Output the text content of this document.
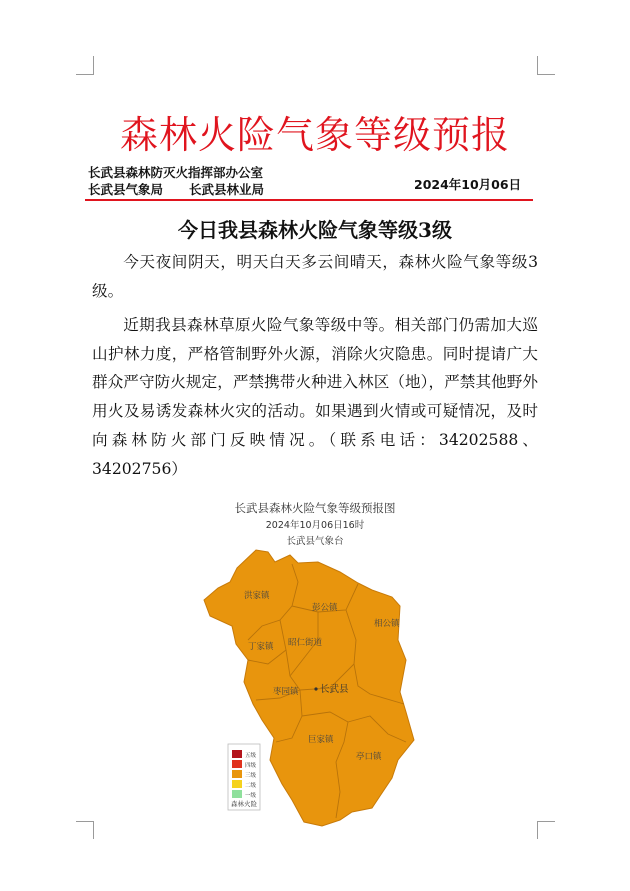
森林火险气象等级预报
长武县森林防灭火指挥部办公室
长武县气象局 长武县林业局	2024年10月06日
今日我县森林火险气象等级3级

今天夜间阴天，明天白天多云间晴天，森林火险气象等级3级。

近期我县森林草原火险气象等级中等。相关部门仍需加大巡山护林力度，严格管制野外火源，消除火灾隐患。同时提请广大群众严守防火规定，严禁携带火种进入林区（地），严禁其他野外用火及易诱发森林火灾的活动。如果遇到火情或可疑情况，及时向森林防火部门反映情况。（联系电话：34202588、34202756）

长武县森林火险气象等级预报图
2024年10月06日16时
长武县气象台
洪家镇
彭公镇
相公镇
昭仁街道
丁家镇
枣园镇
巨家镇
亭口镇
长武县
五级
四级
三级
二级
一级
森林火险
